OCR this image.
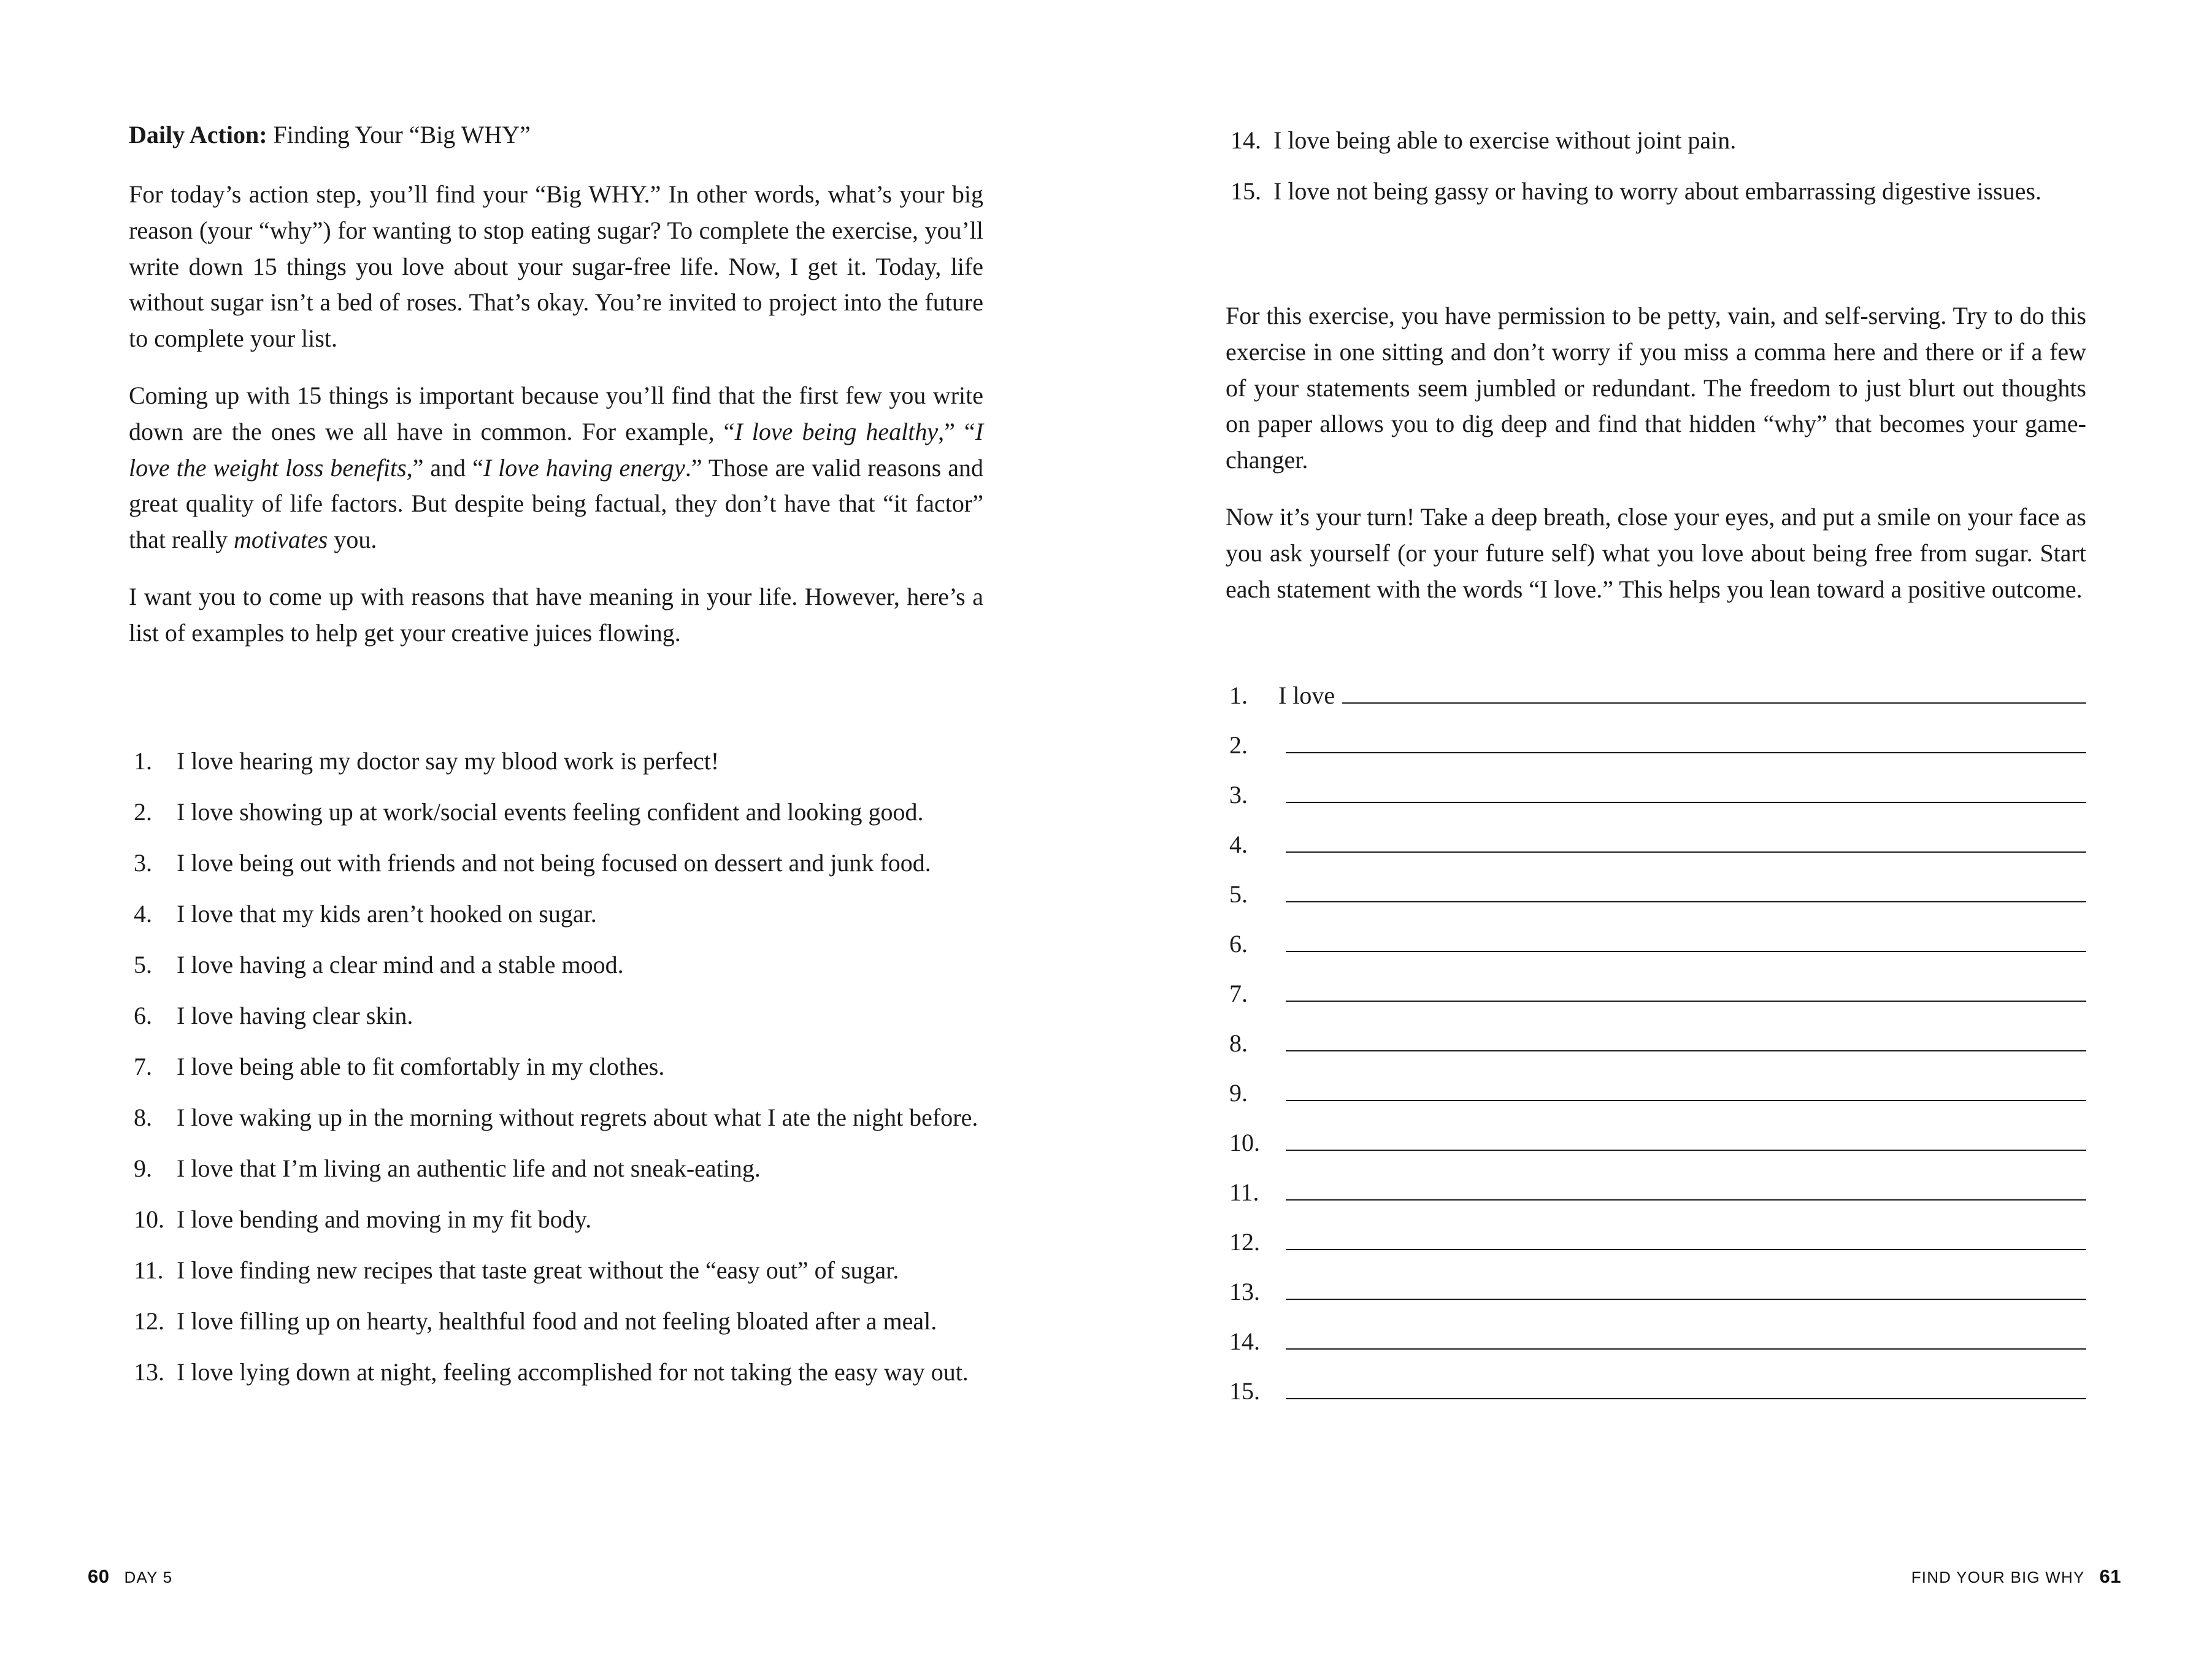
Daily Action: Finding Your “Big WHY”

For today’s action step, you’ll find your “Big WHY.” In other words, what’s your big reason (your “why”) for wanting to stop eating sugar? To complete the exercise, you’ll write down 15 things you love about your sugar-free life. Now, I get it. Today, life without sugar isn’t a bed of roses. That’s okay. You’re invited to project into the future to complete your list.

Coming up with 15 things is important because you’ll find that the first few you write down are the ones we all have in common. For example, “I love being healthy,” “I love the weight loss benefits,” and “I love having energy.” Those are valid reasons and great quality of life factors. But despite being factual, they don’t have that “it factor” that really motivates you.

I want you to come up with reasons that have meaning in your life. However, here’s a list of examples to help get your creative juices flowing.

1.	I love hearing my doctor say my blood work is perfect!
2.	I love showing up at work/social events feeling confident and looking good.
3.	I love being out with friends and not being focused on dessert and junk food.
4.	I love that my kids aren’t hooked on sugar.
5.	I love having a clear mind and a stable mood.
6.	I love having clear skin.
7.	I love being able to fit comfortably in my clothes.
8.	I love waking up in the morning without regrets about what I ate the night before.
9.	I love that I’m living an authentic life and not sneak-eating.
10. I love bending and moving in my fit body.
11. I love finding new recipes that taste great without the “easy out” of sugar.
12. I love filling up on hearty, healthful food and not feeling bloated after a meal.
13. I love lying down at night, feeling accomplished for not taking the easy way out.
60 DAY 5
14. I love being able to exercise without joint pain.
15. I love not being gassy or having to worry about embarrassing digestive issues.

For this exercise, you have permission to be petty, vain, and self-serving. Try to do this exercise in one sitting and don’t worry if you miss a comma here and there or if a few of your statements seem jumbled or redundant. The freedom to just blurt out thoughts on paper allows you to dig deep and find that hidden “why” that becomes your game-changer.

Now it’s your turn! Take a deep breath, close your eyes, and put a smile on your face as you ask yourself (or your future self) what you love about being free from sugar. Start each statement with the words “I love.” This helps you lean toward a positive outcome.

1.	I love
2.
3.
4.
5.
6.
7.
8.
9.
10.
11.
12.
13.
14.
15.
FIND YOUR BIG WHY 61
